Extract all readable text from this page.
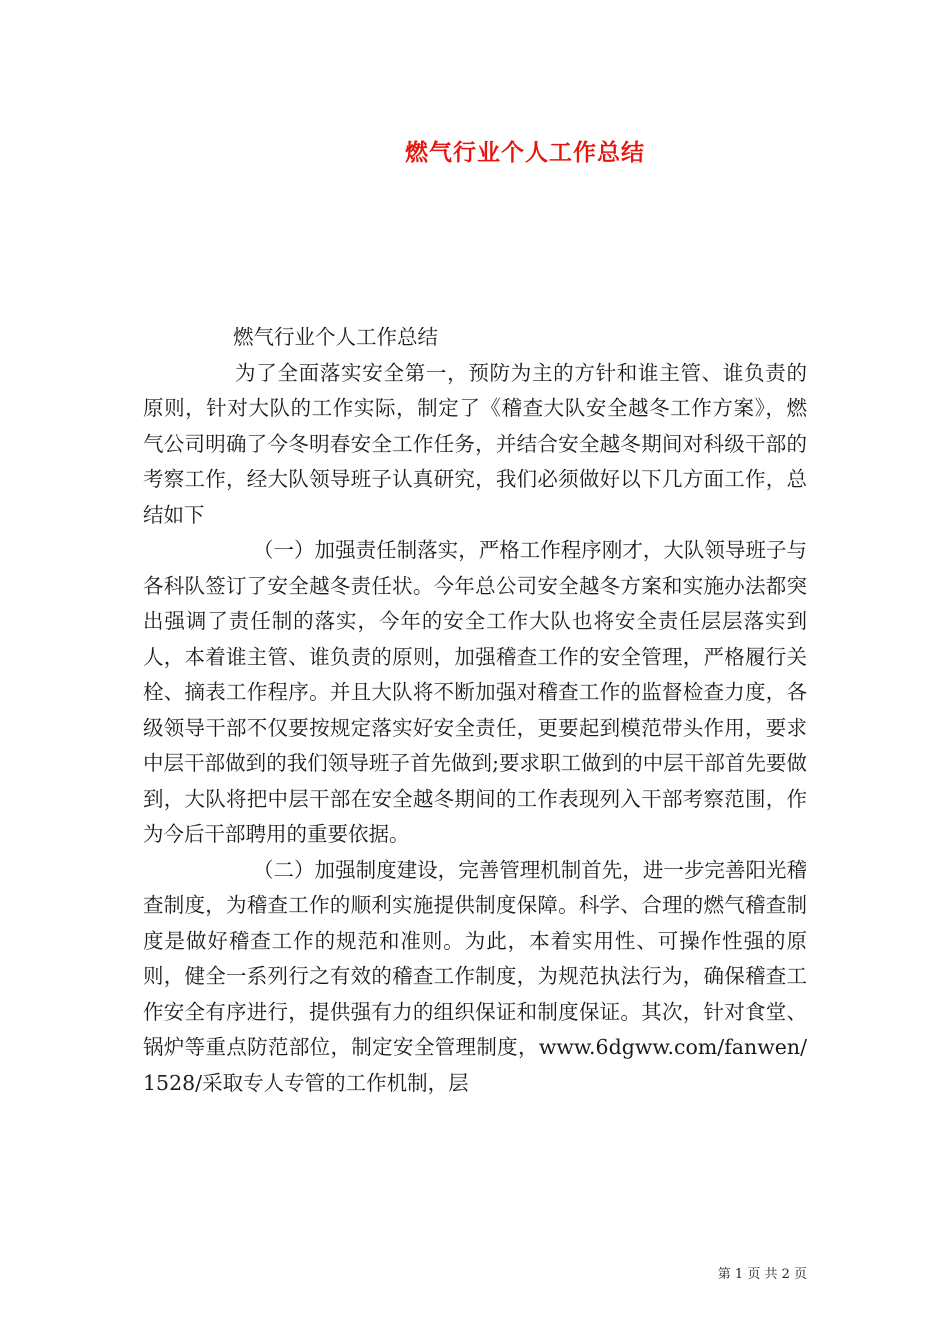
燃气行业个人工作总结

燃气行业个人工作总结

为了全面落实安全第一，预防为主的方针和谁主管、谁负责的原则，针对大队的工作实际，制定了《稽查大队安全越冬工作方案》，燃气公司明确了今冬明春安全工作任务，并结合安全越冬期间对科级干部的考察工作，经大队领导班子认真研究，我们必须做好以下几方面工作，总结如下

（一）加强责任制落实，严格工作程序刚才，大队领导班子与各科队签订了安全越冬责任状。今年总公司安全越冬方案和实施办法都突出强调了责任制的落实，今年的安全工作大队也将安全责任层层落实到人，本着谁主管、谁负责的原则，加强稽查工作的安全管理，严格履行关栓、摘表工作程序。并且大队将不断加强对稽查工作的监督检查力度，各级领导干部不仅要按规定落实好安全责任，更要起到模范带头作用，要求中层干部做到的我们领导班子首先做到;要求职工做到的中层干部首先要做到，大队将把中层干部在安全越冬期间的工作表现列入干部考察范围，作为今后干部聘用的重要依据。

（二）加强制度建设，完善管理机制首先，进一步完善阳光稽查制度，为稽查工作的顺利实施提供制度保障。科学、合理的燃气稽查制度是做好稽查工作的规范和准则。为此，本着实用性、可操作性强的原则，健全一系列行之有效的稽查工作制度，为规范执法行为，确保稽查工作安全有序进行，提供强有力的组织保证和制度保证。其次，针对食堂、锅炉等重点防范部位，制定安全管理制度，www.6dgww.com/fanwen/1528/采取专人专管的工作机制，层

第 1 页 共 2 页
